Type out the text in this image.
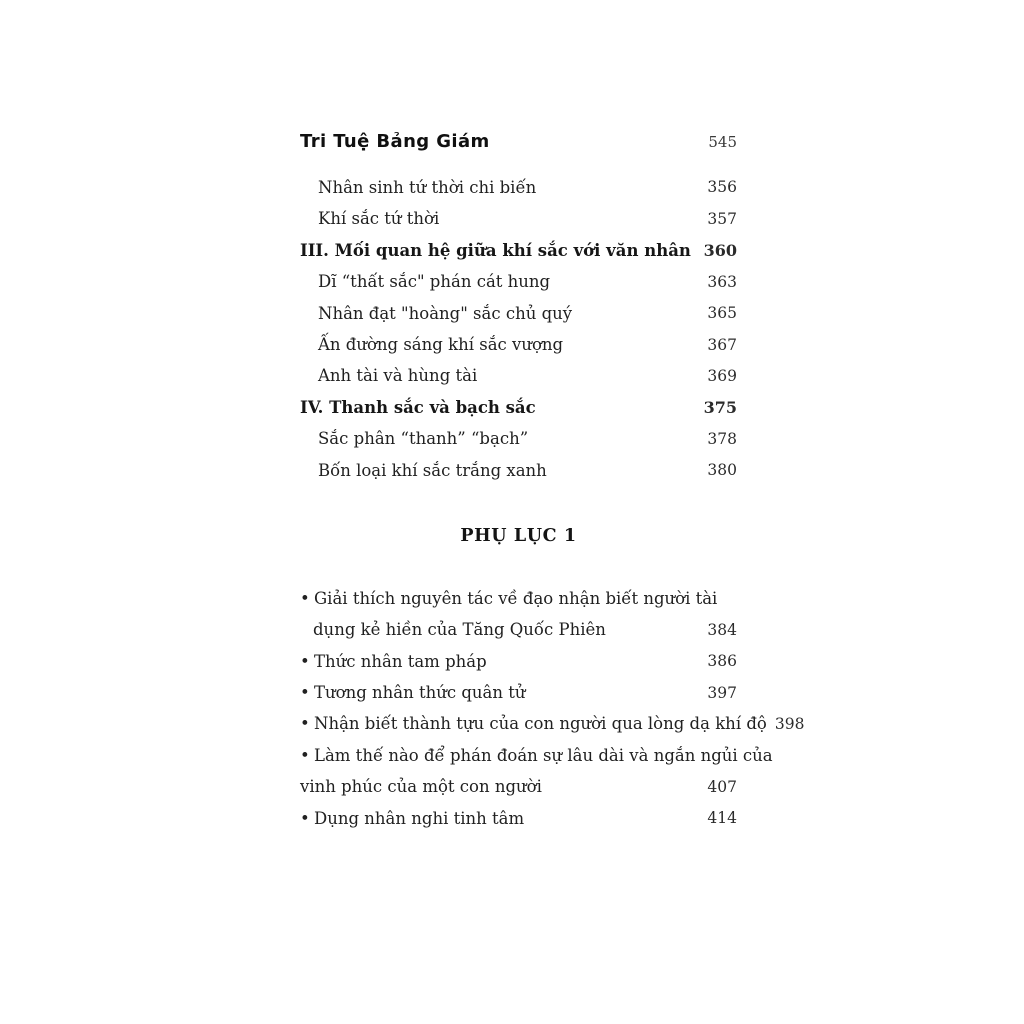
Tri Tuệ Bảng Giám	545
Nhân sinh tứ thời chi biến	356
Khí sắc tứ thời	357
III. Mối quan hệ giữa khí sắc với văn nhân 360
Dĩ “thất sắc" phán cát hung	363
Nhân đạt "hoàng" sắc chủ quý	365
Ấn đường sáng khí sắc vượng	367
Anh tài và hùng tài	369
IV. Thanh sắc và bạch sắc	375
Sắc phân “thanh” “bạch”	378
Bốn loại khí sắc trắng xanh	380
PHỤ LỤC 1
• Giải thích nguyên tác về đạo nhận biết người tài
dụng kẻ hiền của Tăng Quốc Phiên	384
• Thức nhân tam pháp	386
• Tương nhân thức quân tử	397
• Nhận biết thành tựu của con người qua lòng dạ khí độ 398
• Làm thế nào để phán đoán sự lâu dài và ngắn ngủi của
vinh phúc của một con người	407
• Dụng nhân nghi tinh tâm	414
